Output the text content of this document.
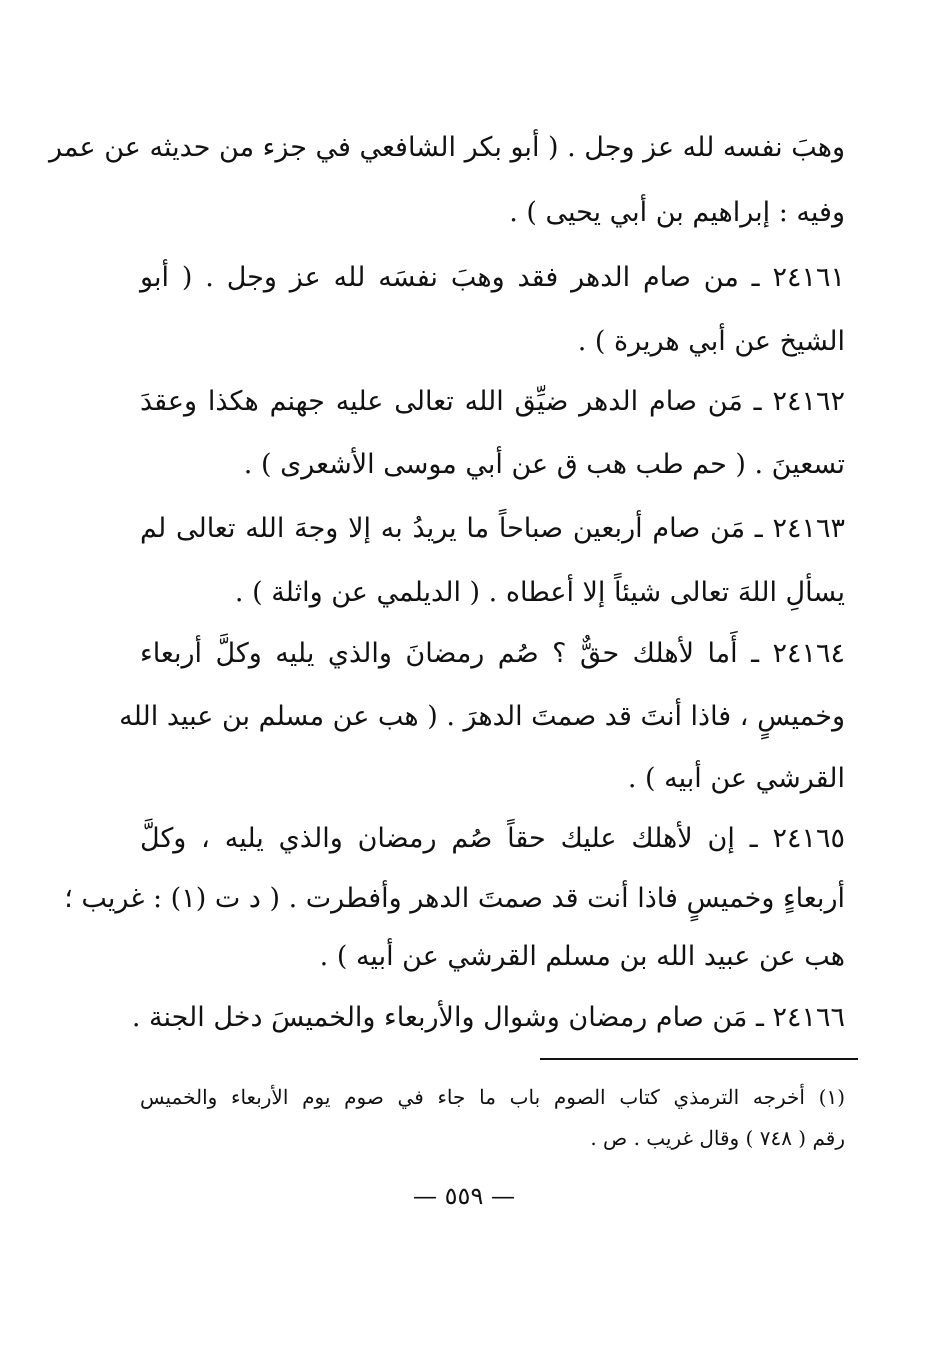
وهبَ نفسه لله عز وجل . ( أبو بكر الشافعي في جزء من حديثه عن عمر
وفيه : إبراهيم بن أبي يحيى ) .
٢٤١٦١ ـ من صام الدهر فقد وهبَ نفسَه لله عز وجل . ( أبو
الشيخ عن أبي هريرة ) .
٢٤١٦٢ ـ مَن صام الدهر ضيِّق الله تعالى عليه جهنم هكذا وعقدَ
تسعينَ . ( حم طب هب ق عن أبي موسى الأشعرى ) .
٢٤١٦٣ ـ مَن صام أربعين صباحاً ما يريدُ به إلا وجهَ الله تعالى لم
يسألِ اللهَ تعالى شيئاً إلا أعطاه . ( الديلمي عن واثلة ) .
٢٤١٦٤ ـ أَما لأهلك حقٌّ ؟ صُم رمضانَ والذي يليه وكلَّ أربعاء
وخميسٍ ، فاذا أنتَ قد صمتَ الدهرَ . ( هب عن مسلم بن عبيد الله
القرشي عن أبيه ) .
٢٤١٦٥ ـ إن لأهلك عليك حقاً صُم رمضان والذي يليه ، وكلَّ
أربعاءٍ وخميسٍ فاذا أنت قد صمتَ الدهر وأفطرت . ( د ت (١) : غريب ؛
هب عن عبيد الله بن مسلم القرشي عن أبيه ) .
٢٤١٦٦ ـ مَن صام رمضان وشوال والأربعاء والخميسَ دخل الجنة .
(١) أخرجه الترمذي كتاب الصوم باب ما جاء في صوم يوم الأربعاء والخميس
رقم ( ٧٤٨ ) وقال غريب . ص .
— ٥٥٩ —
